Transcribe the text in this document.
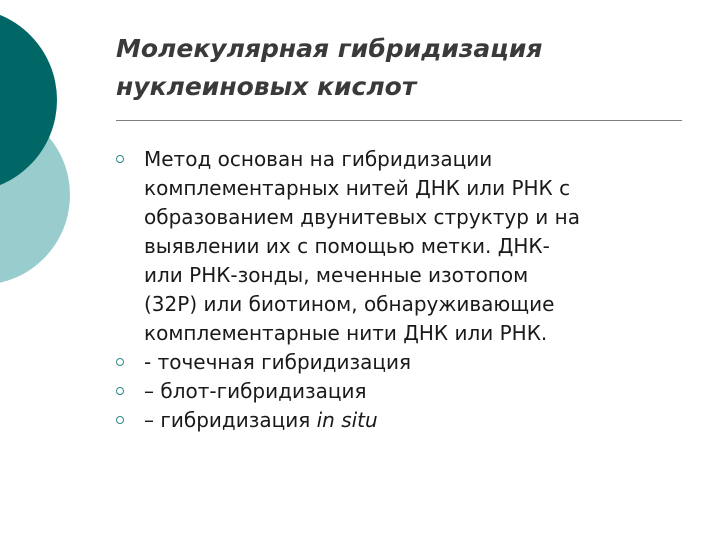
Молекулярная гибридизация
нуклеиновых кислот
Метод основан на гибридизации
комплементарных нитей ДНК или РНК с
образованием двунитевых структур и на
выявлении их с помощью метки. ДНК-
или РНК-зонды, меченные изотопом
(32P) или биотином, обнаруживающие
комплементарные нити ДНК или РНК.
- точечная гибридизация
– блот-гибридизация
– гибридизация in situ
